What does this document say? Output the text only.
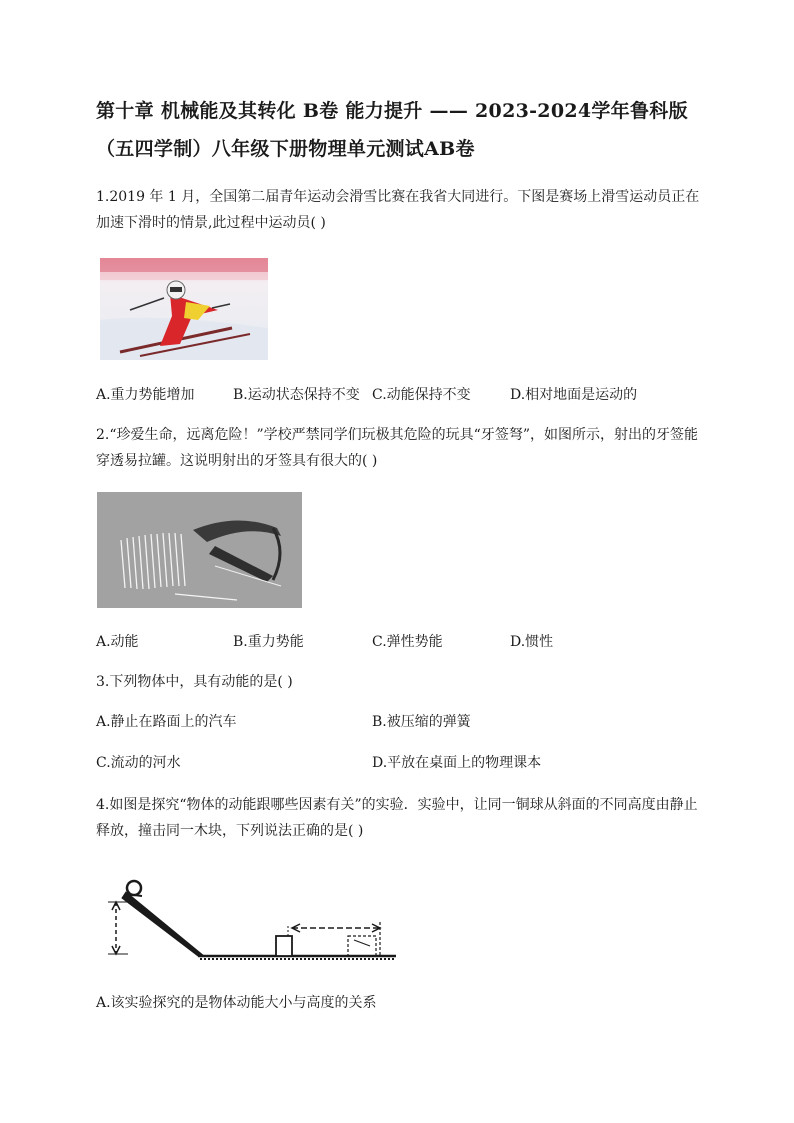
第十章 机械能及其转化 B卷 能力提升 —— 2023-2024学年鲁科版
（五四学制）八年级下册物理单元测试AB卷
1.2019 年 1 月，全国第二届青年运动会滑雪比赛在我省大同进行。下图是赛场上滑雪运动员正在
加速下滑时的情景,此过程中运动员( )
A.重力势能增加	B.运动状态保持不变 C.动能保持不变	D.相对地面是运动的
2.“珍爱生命，远离危险！”学校严禁同学们玩极其危险的玩具“牙签弩”，如图所示，射出的牙签能
穿透易拉罐。这说明射出的牙签具有很大的( )
A.动能	B.重力势能	C.弹性势能	D.惯性
3.下列物体中，具有动能的是( )
A.静止在路面上的汽车	B.被压缩的弹簧
C.流动的河水	D.平放在桌面上的物理课本
4.如图是探究“物体的动能跟哪些因素有关”的实验．实验中，让同一铜球从斜面的不同高度由静止
释放，撞击同一木块，下列说法正确的是( )
A.该实验探究的是物体动能大小与高度的关系
